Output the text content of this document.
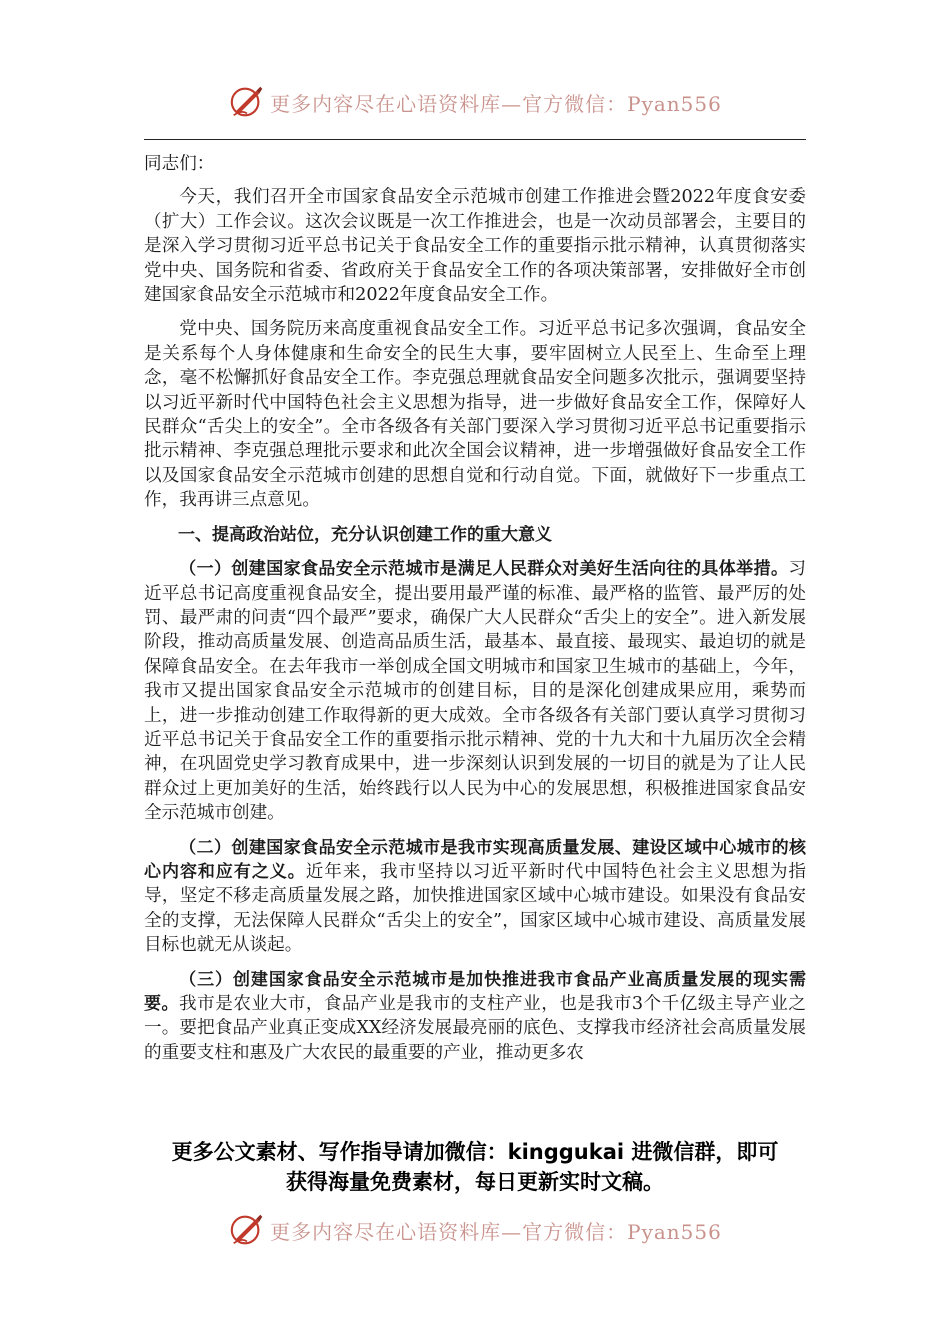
更多内容尽在心语资料库—官方微信：Pyan556

同志们：

今天，我们召开全市国家食品安全示范城市创建工作推进会暨2022年度食安委（扩大）工作会议。这次会议既是一次工作推进会，也是一次动员部署会，主要目的是深入学习贯彻习近平总书记关于食品安全工作的重要指示批示精神，认真贯彻落实党中央、国务院和省委、省政府关于食品安全工作的各项决策部署，安排做好全市创建国家食品安全示范城市和2022年度食品安全工作。

党中央、国务院历来高度重视食品安全工作。习近平总书记多次强调，食品安全是关系每个人身体健康和生命安全的民生大事，要牢固树立人民至上、生命至上理念，毫不松懈抓好食品安全工作。李克强总理就食品安全问题多次批示，强调要坚持以习近平新时代中国特色社会主义思想为指导，进一步做好食品安全工作，保障好人民群众“舌尖上的安全”。全市各级各有关部门要深入学习贯彻习近平总书记重要指示批示精神、李克强总理批示要求和此次全国会议精神，进一步增强做好食品安全工作以及国家食品安全示范城市创建的思想自觉和行动自觉。下面，就做好下一步重点工作，我再讲三点意见。

一、提高政治站位，充分认识创建工作的重大意义

（一）创建国家食品安全示范城市是满足人民群众对美好生活向往的具体举措。习近平总书记高度重视食品安全，提出要用最严谨的标准、最严格的监管、最严厉的处罚、最严肃的问责“四个最严”要求，确保广大人民群众“舌尖上的安全”。进入新发展阶段，推动高质量发展、创造高品质生活，最基本、最直接、最现实、最迫切的就是保障食品安全。在去年我市一举创成全国文明城市和国家卫生城市的基础上，今年，我市又提出国家食品安全示范城市的创建目标，目的是深化创建成果应用，乘势而上，进一步推动创建工作取得新的更大成效。全市各级各有关部门要认真学习贯彻习近平总书记关于食品安全工作的重要指示批示精神、党的十九大和十九届历次全会精神，在巩固党史学习教育成果中，进一步深刻认识到发展的一切目的就是为了让人民群众过上更加美好的生活，始终践行以人民为中心的发展思想，积极推进国家食品安全示范城市创建。

（二）创建国家食品安全示范城市是我市实现高质量发展、建设区域中心城市的核心内容和应有之义。近年来，我市坚持以习近平新时代中国特色社会主义思想为指导，坚定不移走高质量发展之路，加快推进国家区域中心城市建设。如果没有食品安全的支撑，无法保障人民群众“舌尖上的安全”，国家区域中心城市建设、高质量发展目标也就无从谈起。

（三）创建国家食品安全示范城市是加快推进我市食品产业高质量发展的现实需要。我市是农业大市，食品产业是我市的支柱产业，也是我市3个千亿级主导产业之一。要把食品产业真正变成XX经济发展最亮丽的底色、支撑我市经济社会高质量发展的重要支柱和惠及广大农民的最重要的产业，推动更多农

更多公文素材、写作指导请加微信：kinggukai 进微信群，即可
获得海量免费素材，每日更新实时文稿。
更多内容尽在心语资料库—官方微信：Pyan556
